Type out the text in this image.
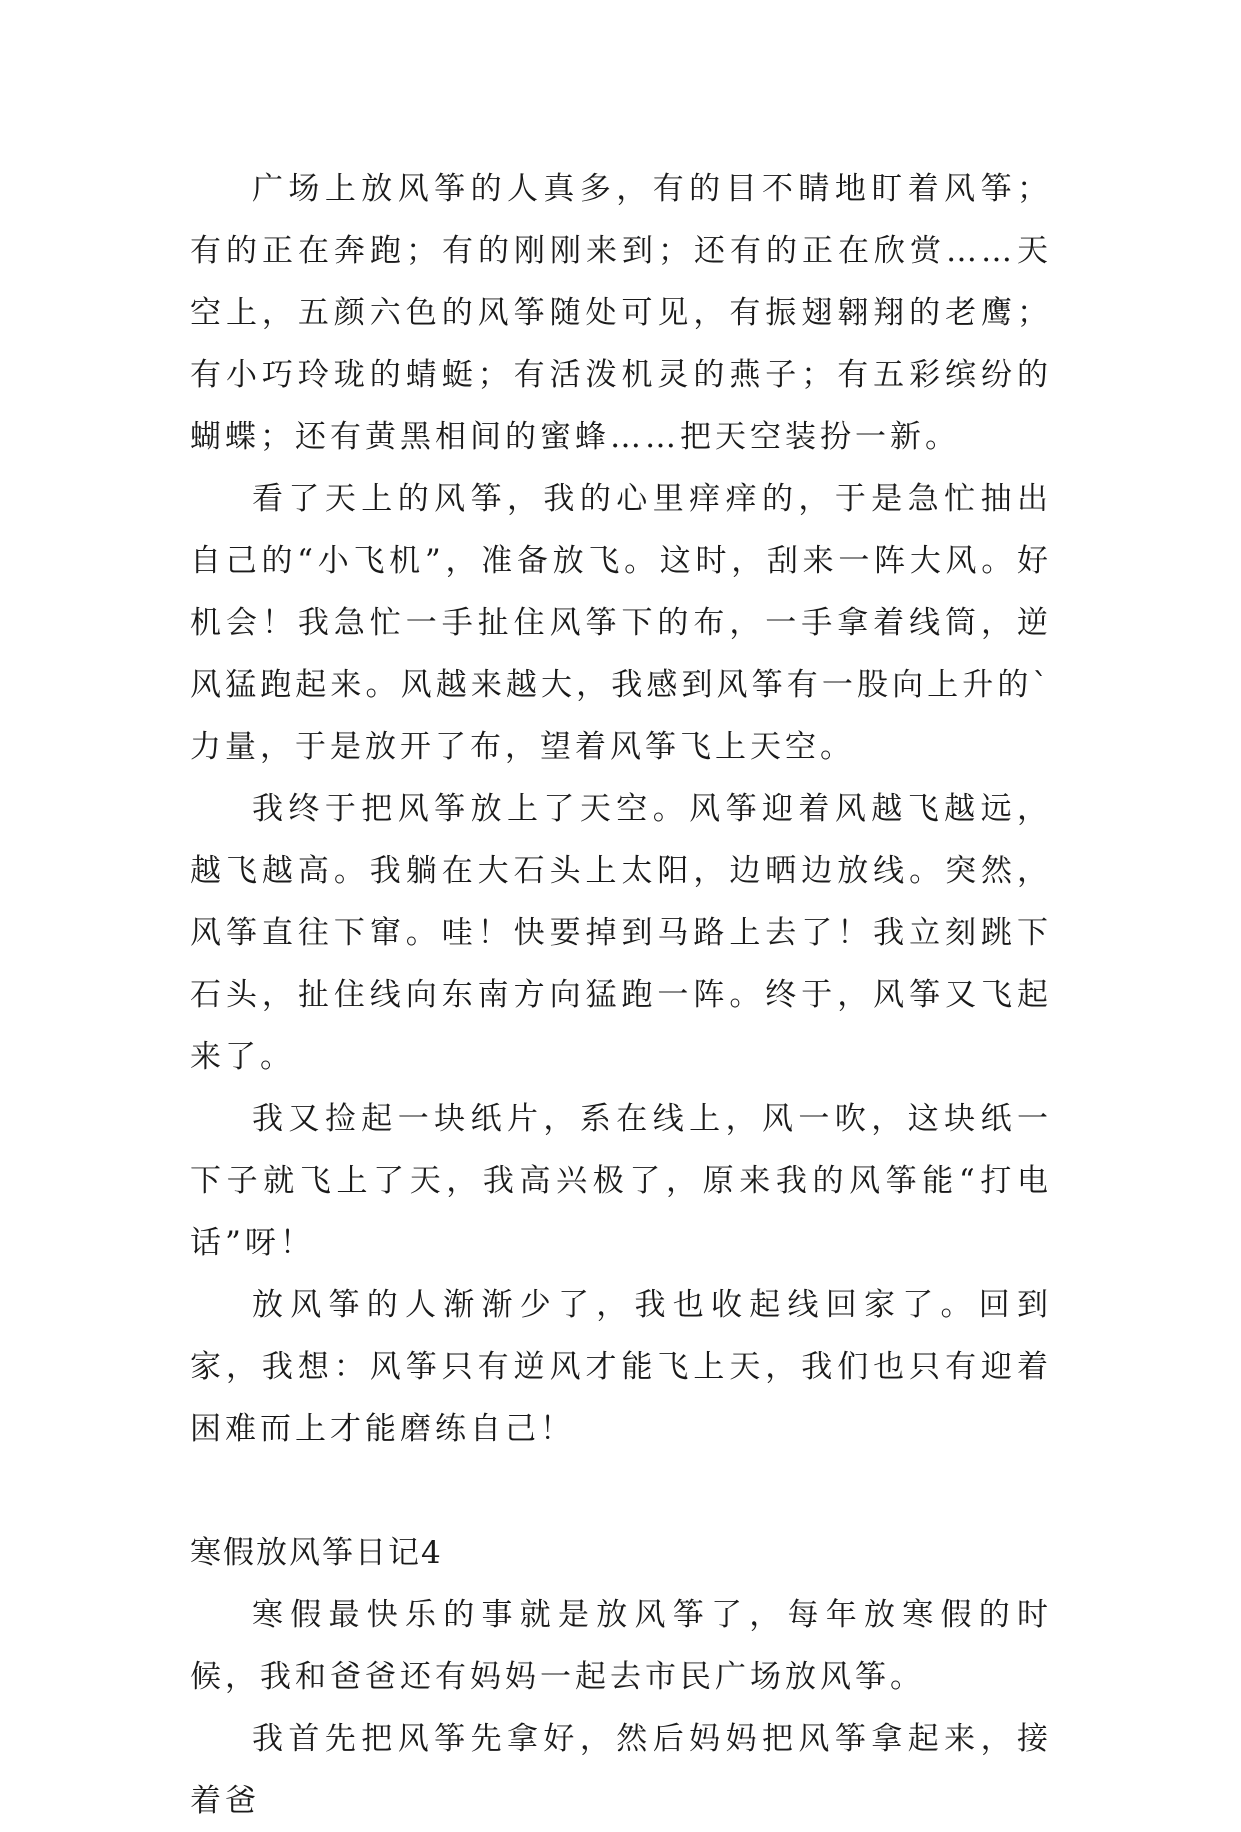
广场上放风筝的人真多，有的目不睛地盯着风筝；有的正在奔跑；有的刚刚来到；还有的正在欣赏……天空上，五颜六色的风筝随处可见，有振翅翱翔的老鹰；有小巧玲珑的蜻蜓；有活泼机灵的燕子；有五彩缤纷的蝴蝶；还有黄黑相间的蜜蜂……把天空装扮一新。

看了天上的风筝，我的心里痒痒的，于是急忙抽出自己的“小飞机”，准备放飞。这时，刮来一阵大风。好机会！我急忙一手扯住风筝下的布，一手拿着线筒，逆风猛跑起来。风越来越大，我感到风筝有一股向上升的`力量，于是放开了布，望着风筝飞上天空。

我终于把风筝放上了天空。风筝迎着风越飞越远，越飞越高。我躺在大石头上太阳，边晒边放线。突然，风筝直往下窜。哇！快要掉到马路上去了！我立刻跳下石头，扯住线向东南方向猛跑一阵。终于，风筝又飞起来了。

我又捡起一块纸片，系在线上，风一吹，这块纸一下子就飞上了天，我高兴极了，原来我的风筝能“打电话”呀！

放风筝的人渐渐少了，我也收起线回家了。回到家，我想：风筝只有逆风才能飞上天，我们也只有迎着困难而上才能磨练自己！

寒假放风筝日记4

寒假最快乐的事就是放风筝了，每年放寒假的时候，我和爸爸还有妈妈一起去市民广场放风筝。

我首先把风筝先拿好，然后妈妈把风筝拿起来，接着爸
